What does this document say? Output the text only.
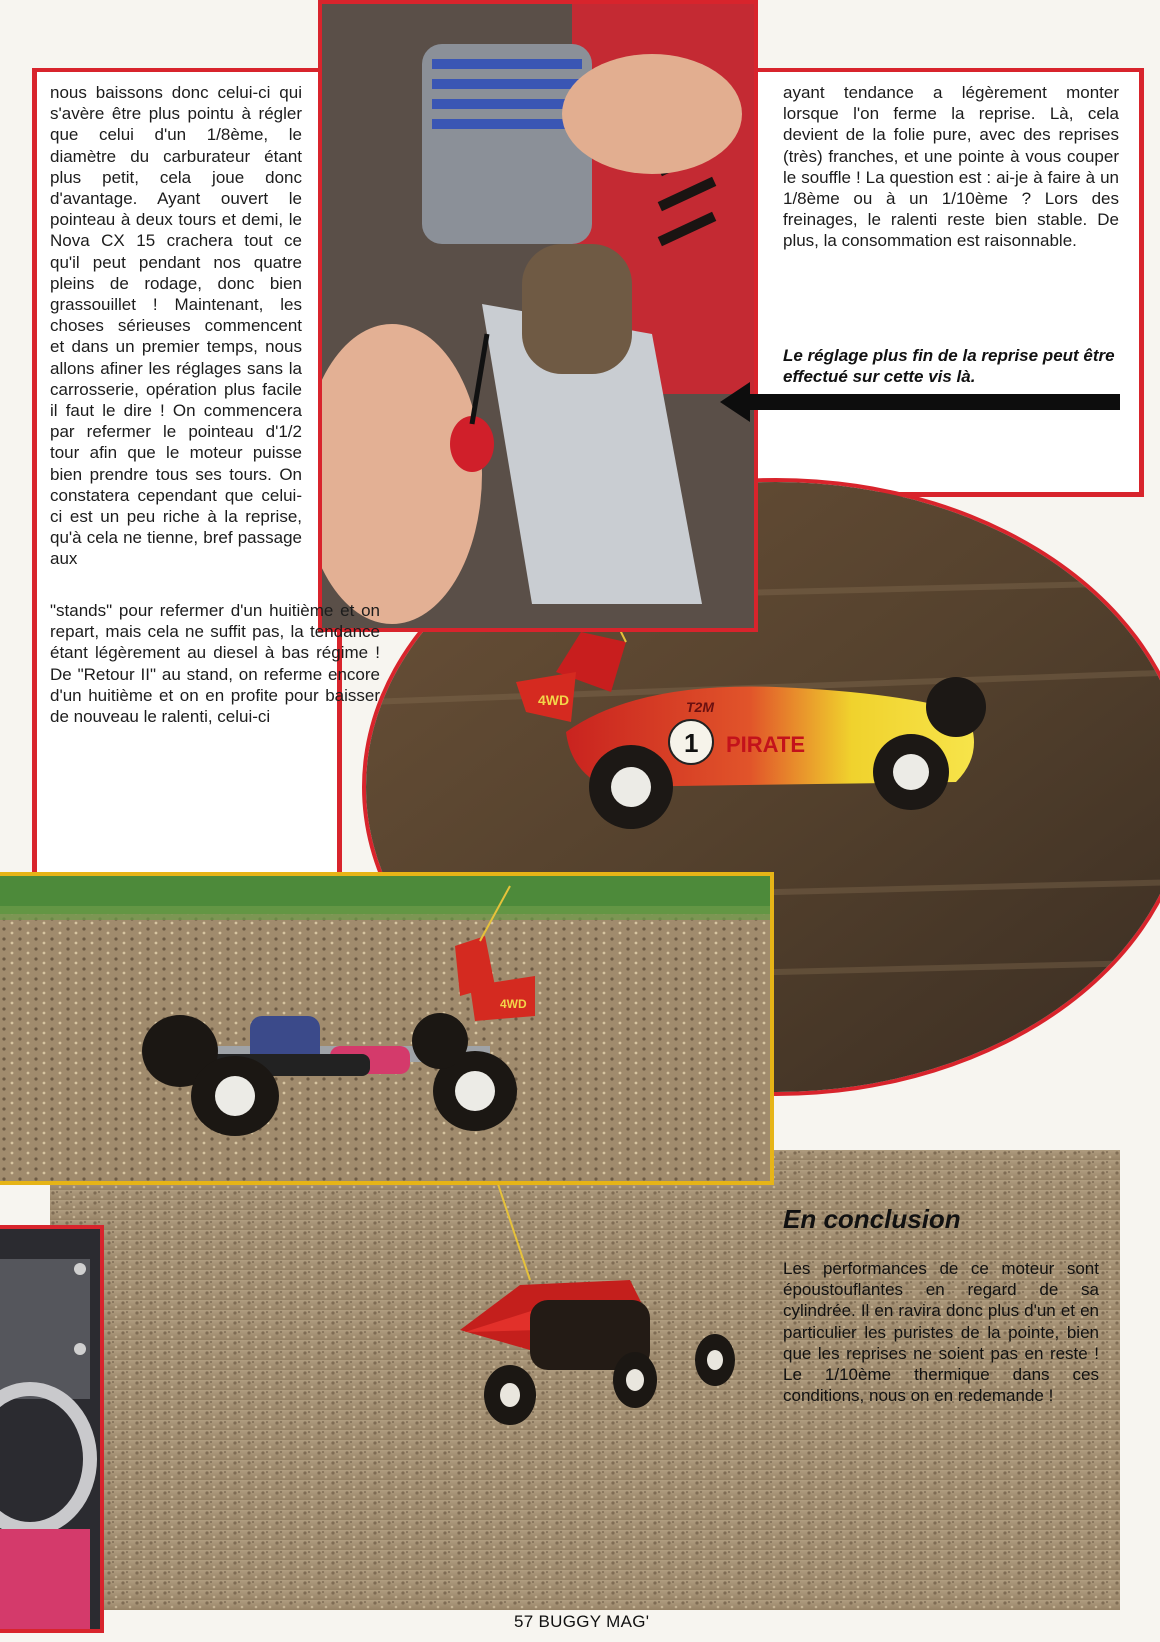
4WD
1 PIRATE
T2M
4WD

nous baissons donc celui-ci qui s'avère être plus pointu à régler que celui d'un 1/8ème, le diamètre du carburateur étant plus petit, cela joue donc d'avantage. Ayant ouvert le pointeau à deux tours et demi, le Nova CX 15 crachera tout ce qu'il peut pendant nos quatre pleins de rodage, donc bien grassouillet ! Maintenant, les choses sérieuses commencent et dans un premier temps, nous allons afiner les réglages sans la carrosserie, opération plus facile il faut le dire ! On commencera par refermer le pointeau d'1/2 tour afin que le moteur puisse bien prendre tous ses tours. On constatera cependant que celui-ci est un peu riche à la reprise, qu'à cela ne tienne, bref passage aux

"stands" pour refermer d'un huitième et on repart, mais cela ne suffit pas, la tendance étant légèrement au diesel à bas régime ! De "Retour II" au stand, on referme encore d'un huitième et on en profite pour baisser de nouveau le ralenti, celui-ci

ayant tendance a légèrement monter lorsque l'on ferme la reprise. Là, cela devient de la folie pure, avec des reprises (très) franches, et une pointe à vous couper le souffle ! La question est : ai-je à faire à un 1/8ème ou à un 1/10ème ? Lors des freinages, le ralenti reste bien stable. De plus, la consommation est raisonnable.

Le réglage plus fin de la reprise peut être effectué sur cette vis là.

En conclusion

Les performances de ce moteur sont époustouflantes en regard de sa cylindrée. Il en ravira donc plus d'un et en particulier les puristes de la pointe, bien que les reprises ne soient pas en reste ! Le 1/10ème thermique dans ces conditions, nous on en redemande !

57 BUGGY MAG'
